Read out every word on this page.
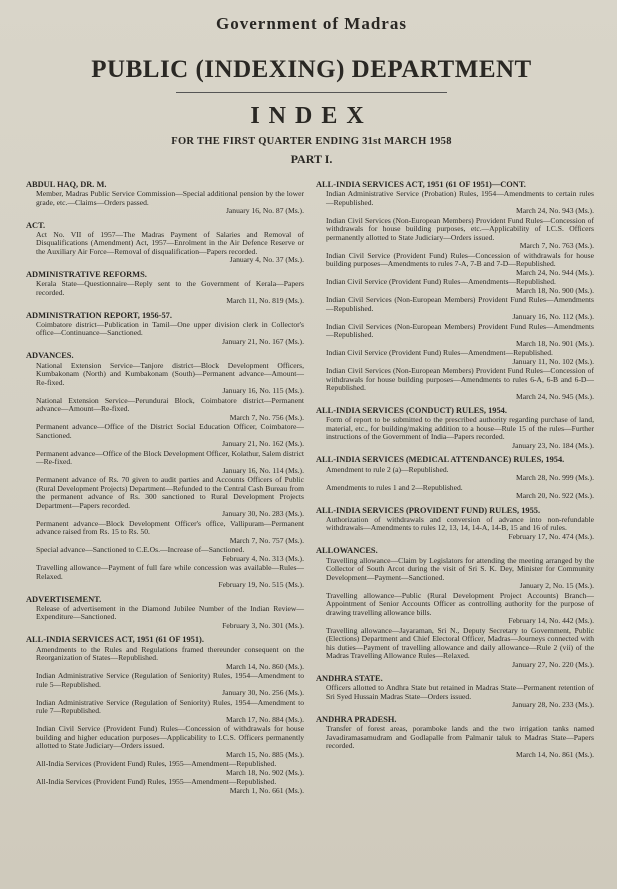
Government of Madras
PUBLIC (INDEXING) DEPARTMENT
INDEX
FOR THE FIRST QUARTER ENDING 31st MARCH 1958
PART I.
ABDUL HAQ, DR. M.
Member, Madras Public Service Commission—Special additional pension by the lower grade, etc.—Claims—Orders passed.
January 16, No. 87 (Ms.).
ACT.
Act No. VII of 1957—The Madras Payment of Salaries and Removal of Disqualifications (Amendment) Act, 1957—Enrolment in the Air Defence Reserve or the Auxiliary Air Force—Removal of disqualification—Papers recorded.
January 4, No. 37 (Ms.).
ADMINISTRATIVE REFORMS.
Kerala State—Questionnaire—Reply sent to the Government of Kerala—Papers recorded.
March 11, No. 819 (Ms.).
ADMINISTRATION REPORT, 1956-57.
Coimbatore district—Publication in Tamil—One upper division clerk in Collector's office—Continuance—Sanctioned.
January 21, No. 167 (Ms.).
ADVANCES.
National Extension Service—Tanjore district—Block Development Officers, Kumbakonam (North) and Kumbakonam (South)—Permanent advance—Amount—Re-fixed.
January 16, No. 115 (Ms.).
National Extension Service—Perundurai Block, Coimbatore district—Permanent advance—Amount—Re-fixed.
March 7, No. 756 (Ms.).
Permanent advance—Office of the District Social Education Officer, Coimbatore—Sanctioned.
January 21, No. 162 (Ms.).
Permanent advance—Office of the Block Development Officer, Kolathur, Salem district—Re-fixed.
January 16, No. 114 (Ms.).
Permanent advance of Rs. 70 given to audit parties and Accounts Officers of Public (Rural Development Projects) Department—Refunded to the Central Cash Bureau from the permanent advance of Rs. 300 sanctioned to Rural Development Projects Department—Papers recorded.
January 30, No. 283 (Ms.).
Permanent advance—Block Development Officer's office, Vallipuram—Permanent advance raised from Rs. 15 to Rs. 50.
March 7, No. 757 (Ms.).
Special advance—Sanctioned to C.E.Os.—Increase of—Sanctioned.
February 4, No. 313 (Ms.).
Travelling allowance—Payment of full fare while concession was available—Rules—Relaxed.
February 19, No. 515 (Ms.).
ADVERTISEMENT.
Release of advertisement in the Diamond Jubilee Number of the Indian Review—Expenditure—Sanctioned.
February 3, No. 301 (Ms.).
ALL-INDIA SERVICES ACT, 1951 (61 OF 1951).
Amendments to the Rules and Regulations framed thereunder consequent on the Reorganization of States—Republished.
March 14, No. 860 (Ms.).
Indian Administrative Service (Regulation of Seniority) Rules, 1954—Amendment to rule 5—Republished.
January 30, No. 256 (Ms.).
Indian Administrative Service (Regulation of Seniority) Rules, 1954—Amendment to rule 7—Republished.
March 17, No. 884 (Ms.).
Indian Civil Service (Provident Fund) Rules—Concession of withdrawals for house building and higher education purposes—Applicability to I.C.S. Officers permanently allotted to State Judiciary—Orders issued.
March 15, No. 885 (Ms.).
All-India Services (Provident Fund) Rules, 1955—Amendment—Republished.
March 18, No. 902 (Ms.).
All-India Services (Provident Fund) Rules, 1955—Amendment—Republished.
March 1, No. 661 (Ms.).
ALL-INDIA SERVICES ACT, 1951 (61 OF 1951)—CONT.
Indian Administrative Service (Probation) Rules, 1954—Amendments to certain rules—Republished.
March 24, No. 943 (Ms.).
Indian Civil Services (Non-European Members) Provident Fund Rules—Concession of withdrawals for house building purposes, etc.—Applicability of I.C.S. Officers permanently allotted to State Judiciary—Orders issued.
March 7, No. 763 (Ms.).
Indian Civil Service (Provident Fund) Rules—Concession of withdrawals for house building purposes—Amendments to rules 7-A, 7-B and 7-D—Republished.
March 24, No. 944 (Ms.).
Indian Civil Service (Provident Fund) Rules—Amendments—Republished.
March 18, No. 900 (Ms.).
Indian Civil Services (Non-European Members) Provident Fund Rules—Amendments—Republished.
January 16, No. 112 (Ms.).
Indian Civil Services (Non-European Members) Provident Fund Rules—Amendments—Republished.
March 18, No. 901 (Ms.).
Indian Civil Service (Provident Fund) Rules—Amendment—Republished.
January 11, No. 102 (Ms.).
Indian Civil Services (Non-European Members) Provident Fund Rules—Concession of withdrawals for house building purposes—Amendments to rules 6-A, 6-B and 6-D—Republished.
March 24, No. 945 (Ms.).
ALL-INDIA SERVICES (CONDUCT) RULES, 1954.
Form of report to be submitted to the prescribed authority regarding purchase of land, material, etc., for building/making addition to a house—Rule 15 of the rules—Further instructions of the Government of India—Papers recorded.
January 23, No. 184 (Ms.).
ALL-INDIA SERVICES (MEDICAL ATTENDANCE) RULES, 1954.
Amendment to rule 2 (a)—Republished.
March 28, No. 999 (Ms.).
Amendments to rules 1 and 2—Republished.
March 20, No. 922 (Ms.).
ALL-INDIA SERVICES (PROVIDENT FUND) RULES, 1955.
Authorization of withdrawals and conversion of advance into non-refundable withdrawals—Amendments to rules 12, 13, 14, 14-A, 14-B, 15 and 16 of rules.
February 17, No. 474 (Ms.).
ALLOWANCES.
Travelling allowance—Claim by Legislators for attending the meeting arranged by the Collector of South Arcot during the visit of Sri S. K. Dey, Minister for Community Development—Payment—Sanctioned.
January 2, No. 15 (Ms.).
Travelling allowance—Public (Rural Development Project Accounts) Branch—Appointment of Senior Accounts Officer as controlling authority for the purpose of drawing travelling allowance bills.
February 14, No. 442 (Ms.).
Travelling allowance—Jayaraman, Sri N., Deputy Secretary to Government, Public (Elections) Department and Chief Electoral Officer, Madras—Journeys connected with his duties—Payment of travelling allowance and daily allowance—Rule 2 (vii) of the Madras Travelling Allowance Rules—Relaxed.
January 27, No. 220 (Ms.).
ANDHRA STATE.
Officers allotted to Andhra State but retained in Madras State—Permanent retention of Sri Syed Hussain Madras State—Orders issued.
January 28, No. 233 (Ms.).
ANDHRA PRADESH.
Transfer of forest areas, poramboke lands and the two irrigation tanks named Javadiramasamudram and Godlapalle from Palmanir taluk to Madras State—Papers recorded.
March 14, No. 861 (Ms.).
